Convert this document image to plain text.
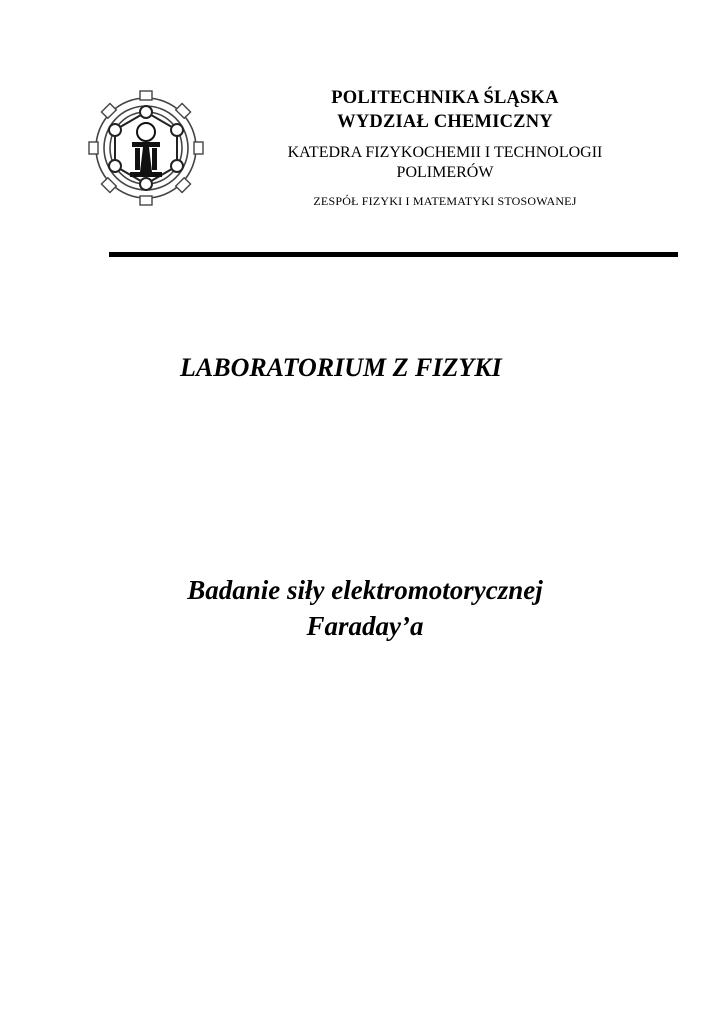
POLITECHNIKA ŚLĄSKA
WYDZIAŁ CHEMICZNY
KATEDRA FIZYKOCHEMII I TECHNOLOGII
POLIMERÓW
ZESPÓŁ FIZYKI I MATEMATYKI STOSOWANEJ
LABORATORIUM Z FIZYKI
Badanie siły elektromotorycznej
Faraday’a
